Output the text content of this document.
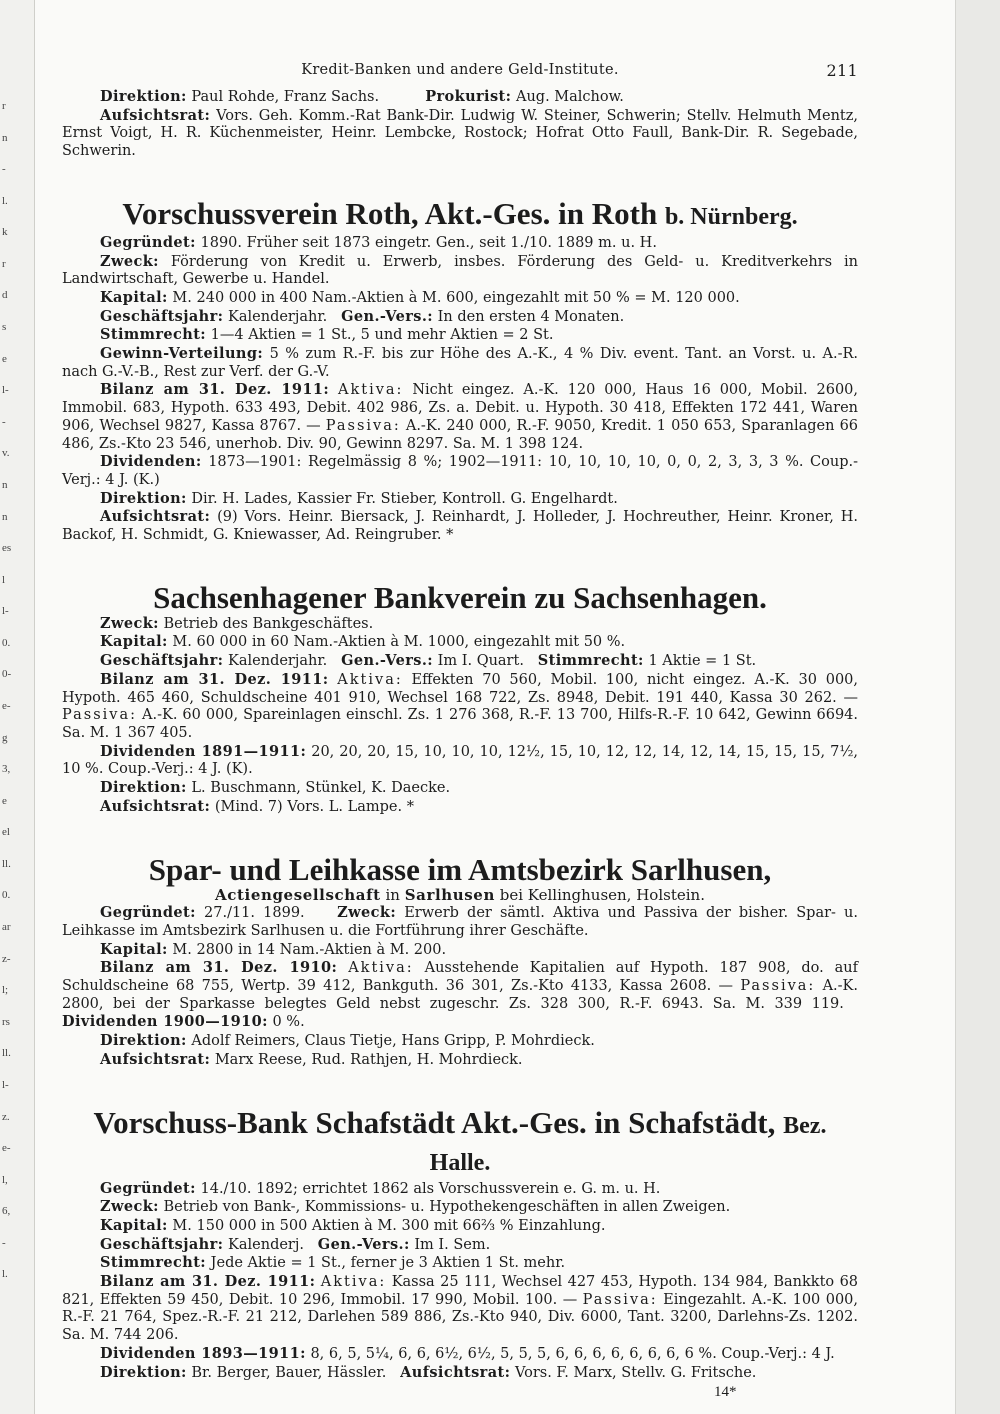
r
n
-
l.
k
r
d
s
e
l-
-
v.
n
n
es
l
l-
0.
0-
e-
g
3,
e
el
ll.
0.
ar
z-
l;
rs
ll.
l-
z.
e-
l,
6,
-
l.
Kredit-Banken und andere Geld-Institute.	211

Direktion: Paul Rohde, Franz Sachs.	Prokurist: Aug. Malchow.

Aufsichtsrat: Vors. Geh. Komm.-Rat Bank-Dir. Ludwig W. Steiner, Schwerin; Stellv. Helmuth Mentz, Ernst Voigt, H. R. Küchenmeister, Heinr. Lembcke, Rostock; Hofrat Otto Faull, Bank-Dir. R. Segebade, Schwerin.

Vorschussverein Roth, Akt.-Ges. in Roth b. Nürnberg.

Gegründet: 1890. Früher seit 1873 eingetr. Gen., seit 1./10. 1889 m. u. H.

Zweck: Förderung von Kredit u. Erwerb, insbes. Förderung des Geld- u. Kreditverkehrs in Landwirtschaft, Gewerbe u. Handel.

Kapital: M. 240 000 in 400 Nam.-Aktien à M. 600, eingezahlt mit 50 % = M. 120 000.

Geschäftsjahr: Kalenderjahr. Gen.-Vers.: In den ersten 4 Monaten.

Stimmrecht: 1—4 Aktien = 1 St., 5 und mehr Aktien = 2 St.

Gewinn-Verteilung: 5 % zum R.-F. bis zur Höhe des A.-K., 4 % Div. event. Tant. an Vorst. u. A.-R. nach G.-V.-B., Rest zur Verf. der G.-V.

Bilanz am 31. Dez. 1911: Aktiva: Nicht eingez. A.-K. 120 000, Haus 16 000, Mobil. 2600, Immobil. 683, Hypoth. 633 493, Debit. 402 986, Zs. a. Debit. u. Hypoth. 30 418, Effekten 172 441, Waren 906, Wechsel 9827, Kassa 8767. — Passiva: A.-K. 240 000, R.-F. 9050, Kredit. 1 050 653, Sparanlagen 66 486, Zs.-Kto 23 546, unerhob. Div. 90, Gewinn 8297. Sa. M. 1 398 124.

Dividenden: 1873—1901: Regelmässig 8 %; 1902—1911: 10, 10, 10, 10, 0, 0, 2, 3, 3, 3 %. Coup.-Verj.: 4 J. (K.)

Direktion: Dir. H. Lades, Kassier Fr. Stieber, Kontroll. G. Engelhardt.

Aufsichtsrat: (9) Vors. Heinr. Biersack, J. Reinhardt, J. Holleder, J. Hochreuther, Heinr. Kroner, H. Backof, H. Schmidt, G. Kniewasser, Ad. Reingruber. *

Sachsenhagener Bankverein zu Sachsenhagen.

Zweck: Betrieb des Bankgeschäftes.

Kapital: M. 60 000 in 60 Nam.-Aktien à M. 1000, eingezahlt mit 50 %.

Geschäftsjahr: Kalenderjahr. Gen.-Vers.: Im I. Quart. Stimmrecht: 1 Aktie = 1 St.

Bilanz am 31. Dez. 1911: Aktiva: Effekten 70 560, Mobil. 100, nicht eingez. A.-K. 30 000, Hypoth. 465 460, Schuldscheine 401 910, Wechsel 168 722, Zs. 8948, Debit. 191 440, Kassa 30 262. — Passiva: A.-K. 60 000, Spareinlagen einschl. Zs. 1 276 368, R.-F. 13 700, Hilfs-R.-F. 10 642, Gewinn 6694. Sa. M. 1 367 405.

Dividenden 1891—1911: 20, 20, 20, 15, 10, 10, 10, 12½, 15, 10, 12, 12, 14, 12, 14, 15, 15, 15, 7½, 10 %. Coup.-Verj.: 4 J. (K).

Direktion: L. Buschmann, Stünkel, K. Daecke.

Aufsichtsrat: (Mind. 7) Vors. L. Lampe. *

Spar- und Leihkasse im Amtsbezirk Sarlhusen,
Actiengesellschaft in Sarlhusen bei Kellinghusen, Holstein.

Gegründet: 27./11. 1899. Zweck: Erwerb der sämtl. Aktiva und Passiva der bisher. Spar- u. Leihkasse im Amtsbezirk Sarlhusen u. die Fortführung ihrer Geschäfte.

Kapital: M. 2800 in 14 Nam.-Aktien à M. 200.

Bilanz am 31. Dez. 1910: Aktiva: Ausstehende Kapitalien auf Hypoth. 187 908, do. auf Schuldscheine 68 755, Wertp. 39 412, Bankguth. 36 301, Zs.-Kto 4133, Kassa 2608. — Passiva: A.-K. 2800, bei der Sparkasse belegtes Geld nebst zugeschr. Zs. 328 300, R.-F. 6943. Sa. M. 339 119.   Dividenden 1900—1910: 0 %.

Direktion: Adolf Reimers, Claus Tietje, Hans Gripp, P. Mohrdieck.

Aufsichtsrat: Marx Reese, Rud. Rathjen, H. Mohrdieck.

Vorschuss-Bank Schafstädt Akt.-Ges. in Schafstädt, Bez. Halle.

Gegründet: 14./10. 1892; errichtet 1862 als Vorschussverein e. G. m. u. H.

Zweck: Betrieb von Bank-, Kommissions- u. Hypothekengeschäften in allen Zweigen.

Kapital: M. 150 000 in 500 Aktien à M. 300 mit 66⅔ % Einzahlung.

Geschäftsjahr: Kalenderj. Gen.-Vers.: Im I. Sem.

Stimmrecht: Jede Aktie = 1 St., ferner je 3 Aktien 1 St. mehr.

Bilanz am 31. Dez. 1911: Aktiva: Kassa 25 111, Wechsel 427 453, Hypoth. 134 984, Bankkto 68 821, Effekten 59 450, Debit. 10 296, Immobil. 17 990, Mobil. 100. — Passiva: Eingezahlt. A.-K. 100 000, R.-F. 21 764, Spez.-R.-F. 21 212, Darlehen 589 886, Zs.-Kto 940, Div. 6000, Tant. 3200, Darlehns-Zs. 1202. Sa. M. 744 206.

Dividenden 1893—1911: 8, 6, 5, 5¼, 6, 6, 6½, 6½, 5, 5, 5, 6, 6, 6, 6, 6, 6, 6, 6 %. Coup.-Verj.: 4 J.

Direktion: Br. Berger, Bauer, Hässler. Aufsichtsrat: Vors. F. Marx, Stellv. G. Fritsche.

14*
